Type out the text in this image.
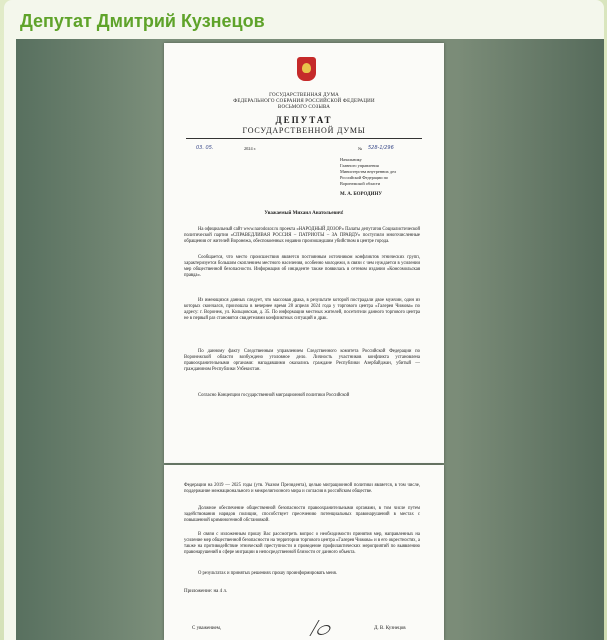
Депутат Дмитрий Кузнецов
ГОСУДАРСТВЕННАЯ ДУМА
ФЕДЕРАЛЬНОГО СОБРАНИЯ РОССИЙСКОЙ ФЕДЕРАЦИИ
ВОСЬМОГО СОЗЫВА
ДЕПУТАТ
ГОСУДАРСТВЕННОЙ ДУМЫ
03. 05.	2024 г.	№ 528-1/296
Начальнику
Главного управления
Министерства внутренних дел
Российской Федерации по
Воронежской области
М. А. БОРОДИНУ
Уважаемый Михаил Анатольевич!
На официальный сайт www.narodozor.ru проекта «НАРОДНЫЙ ДОЗОР» Палаты депутатов Социалистической политической партии «СПРАВЕДЛИВАЯ РОССИЯ – ПАТРИОТЫ – ЗА ПРАВДУ» поступили многочисленные обращения от жителей Воронежа, обеспокоенных недавно произошедшим убийством в центре города.
Сообщается, что место происшествия является постоянным источником конфликтов этнических групп, характеризуется большим скоплением местного населения, особенно молодежи, в связи с чем нуждается в усилении мер общественной безопасности. Информация об инциденте также появилась в сетевом издании «Комсомольская правда».
Из имеющихся данных следует, что массовая драка, в результате которой пострадали двое мужчин, один из которых скончался, произошла в вечернее время 28 апреля 2024 года у торгового центра «Галерея Чижова» по адресу: г. Воронеж, ул. Кольцовская, д. 35. По информации местных жителей, посетители данного торгового центра не в первый раз становятся свидетелями конфликтных ситуаций и драк.
По данному факту Следственным управлением Следственного комитета Российской Федерации по Воронежской области возбуждено уголовное дело. Личность участников конфликта установлена правоохранительными органами: нападавшими оказались граждане Республики Азербайджан, убитый — гражданином Республики Узбекистан.
Согласно Концепции государственной миграционной политики Российской
Федерации на 2019 — 2025 годы (утв. Указом Президента), целью миграционной политики является, в том числе, поддержание межнационального и межрелигиозного мира и согласия в российском обществе.
Должное обеспечение общественной безопасности правоохранительными органами, в том числе путем задействования нарядов полиции, способствует пресечению потенциальных правонарушений в местах с повышенной криминогенной обстановкой.
В связи с изложенным прошу Вас рассмотреть вопрос о необходимости принятия мер, направленных на усиление мер общественной безопасности на территории торгового центра «Галерея Чижова» и в его окрестностях, а также на противодействие этнической преступности и проведение профилактических мероприятий по выявлению правонарушений в сфере миграции в непосредственной близости от данного объекта.
О результатах и принятых решениях прошу проинформировать меня.
Приложение: на 4 л.
С уважением,	Д. В. Кузнецов
